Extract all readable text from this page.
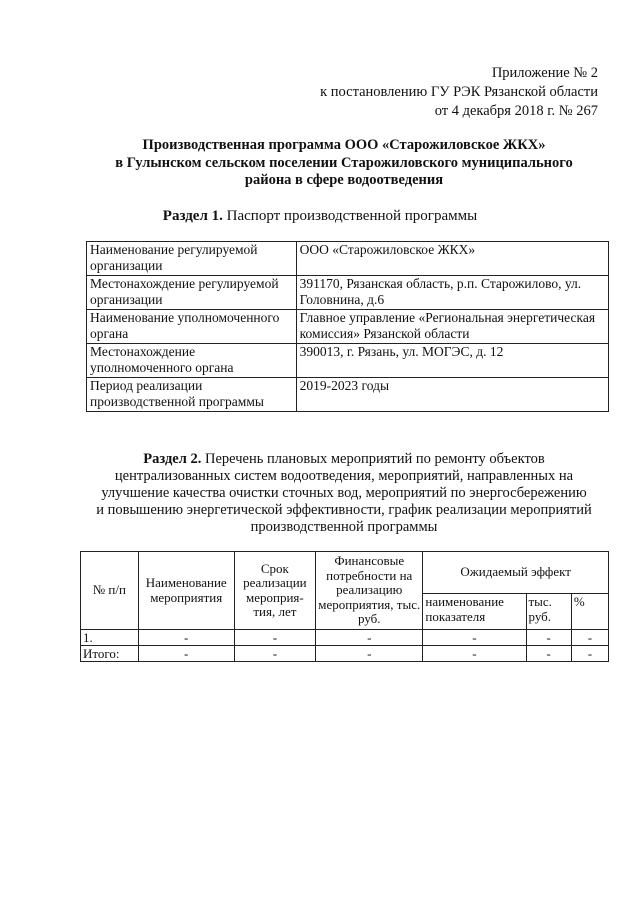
Приложение № 2
к постановлению ГУ РЭК Рязанской области
от 4 декабря 2018 г. № 267
Производственная программа ООО «Старожиловское ЖКХ»
в Гулынском сельском поселении Старожиловского муниципального
района в сфере водоотведения
Раздел 1. Паспорт производственной программы
Наименование регулируемой организации	ООО «Старожиловское ЖКХ»
Местонахождение регулируемой организации	391170, Рязанская область, р.п. Старожилово, ул. Головнина, д.6
Наименование уполномоченного органа	Главное управление «Региональная энергетическая комиссия» Рязанской области
Местонахождение уполномоченного органа	390013, г. Рязань, ул. МОГЭС, д. 12
Период реализации производственной программы	2019-2023 годы
Раздел 2. Перечень плановых мероприятий по ремонту объектов централизованных систем водоотведения, мероприятий, направленных на улучшение качества очистки сточных вод, мероприятий по энергосбережению и повышению энергетической эффективности, график реализации мероприятий производственной программы
№ п/п	Наименование мероприятия	Срок реализации мероприя-тия, лет	Финансовые потребности на реализацию мероприятия, тыс. руб.	Ожидаемый эффект		
				наименование показателя	тыс. руб.	%
1.	-	-	-	-	-	-
Итого:	-	-	-	-	-	-
